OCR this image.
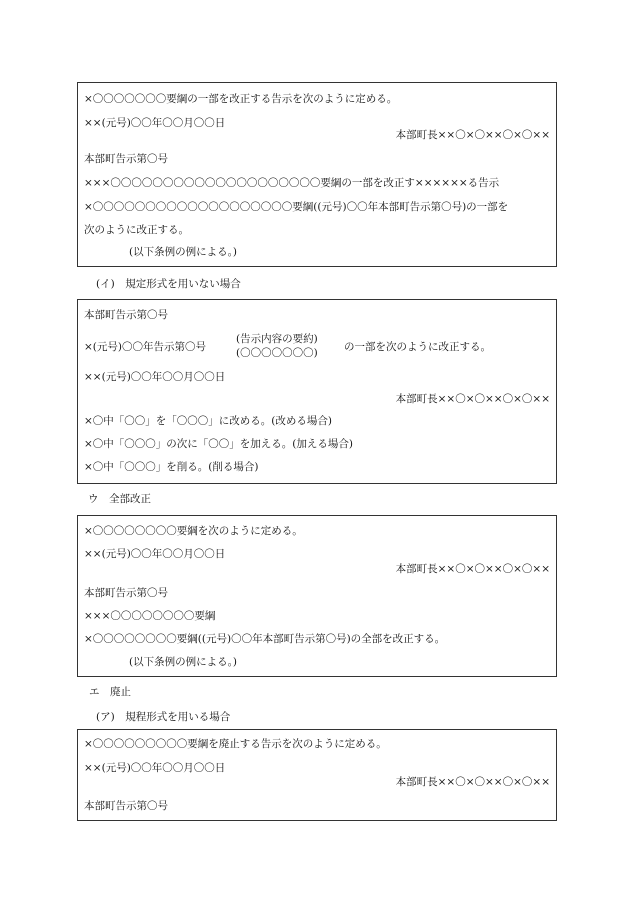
×〇〇〇〇〇〇〇要綱の一部を改正する告示を次のように定める。
××(元号)〇〇年〇〇月〇〇日
本部町長××〇×〇××〇×〇××
本部町告示第〇号
×××〇〇〇〇〇〇〇〇〇〇〇〇〇〇〇〇〇〇〇〇要綱の一部を改正す××××××る告示
×〇〇〇〇〇〇〇〇〇〇〇〇〇〇〇〇〇〇〇要綱((元号)〇〇年本部町告示第〇号)の一部を
次のように改正する。
(以下条例の例による。)
(イ)　規定形式を用いない場合
本部町告示第〇号
×(元号)〇〇年告示第〇号
(告示内容の要約)
(〇〇〇〇〇〇〇)	の一部を次のように改正する。
××(元号)〇〇年〇〇月〇〇日
本部町長××〇×〇××〇×〇××
×〇中「〇〇」を「〇〇〇」に改める。(改める場合)
×〇中「〇〇〇」の次に「〇〇」を加える。(加える場合)
×〇中「〇〇〇」を削る。(削る場合)
ウ　全部改正
×〇〇〇〇〇〇〇〇要綱を次のように定める。
××(元号)〇〇年〇〇月〇〇日
本部町長××〇×〇××〇×〇××
本部町告示第〇号
×××〇〇〇〇〇〇〇〇要綱
×〇〇〇〇〇〇〇〇要綱((元号)〇〇年本部町告示第〇号)の全部を改正する。
(以下条例の例による。)
エ　廃止
(ア)　規程形式を用いる場合
×〇〇〇〇〇〇〇〇〇要綱を廃止する告示を次のように定める。
××(元号)〇〇年〇〇月〇〇日
本部町長××〇×〇××〇×〇××
本部町告示第〇号
